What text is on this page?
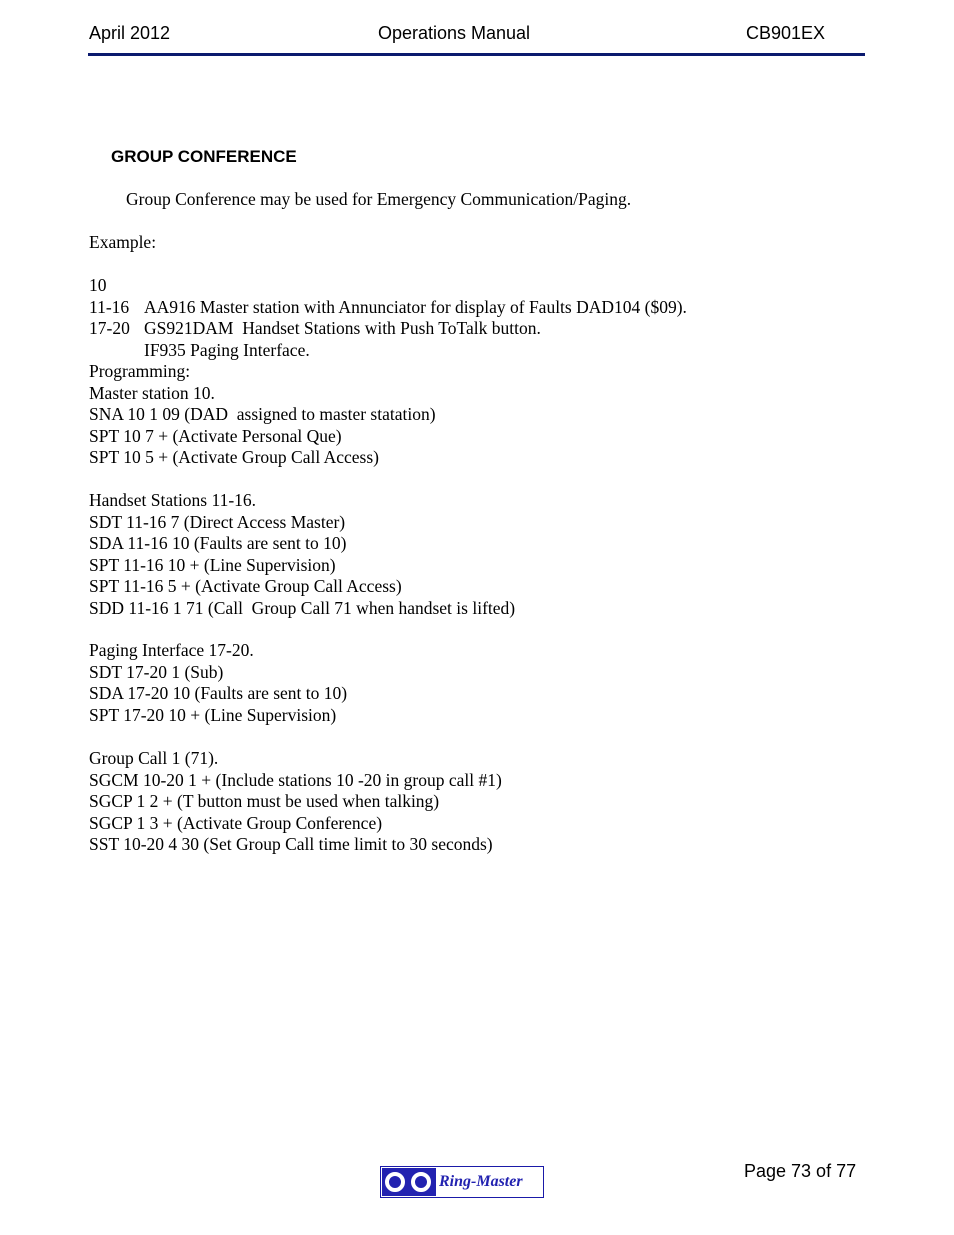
April 2012	Operations Manual	CB901EX
GROUP CONFERENCE
Group Conference may be used for Emergency Communication/Paging.
Example:

10

AA916 Master station with Annunciator for display of Faults DAD104 ($09).

11-16

GS921DAM  Handset Stations with Push ToTalk button.

17-20

IF935 Paging Interface.

Programming:
Master station 10.
SNA 10 1 09 (DAD  assigned to master statation)
SPT 10 7 + (Activate Personal Que)
SPT 10 5 + (Activate Group Call Access)
Handset Stations 11-16.
SDT 11-16 7 (Direct Access Master)
SDA 11-16 10 (Faults are sent to 10)
SPT 11-16 10 + (Line Supervision)
SPT 11-16 5 + (Activate Group Call Access)
SDD 11-16 1 71 (Call  Group Call 71 when handset is lifted)
Paging Interface 17-20.
SDT 17-20 1 (Sub)
SDA 17-20 10 (Faults are sent to 10)
SPT 17-20 10 + (Line Supervision)
Group Call 1 (71).
SGCM 10-20 1 + (Include stations 10 -20 in group call #1)
SGCP 1 2 + (T button must be used when talking)
SGCP 1 3 + (Activate Group Conference)
SST 10-20 4 30 (Set Group Call time limit to 30 seconds)
Page 73 of 77
Ring-Master
